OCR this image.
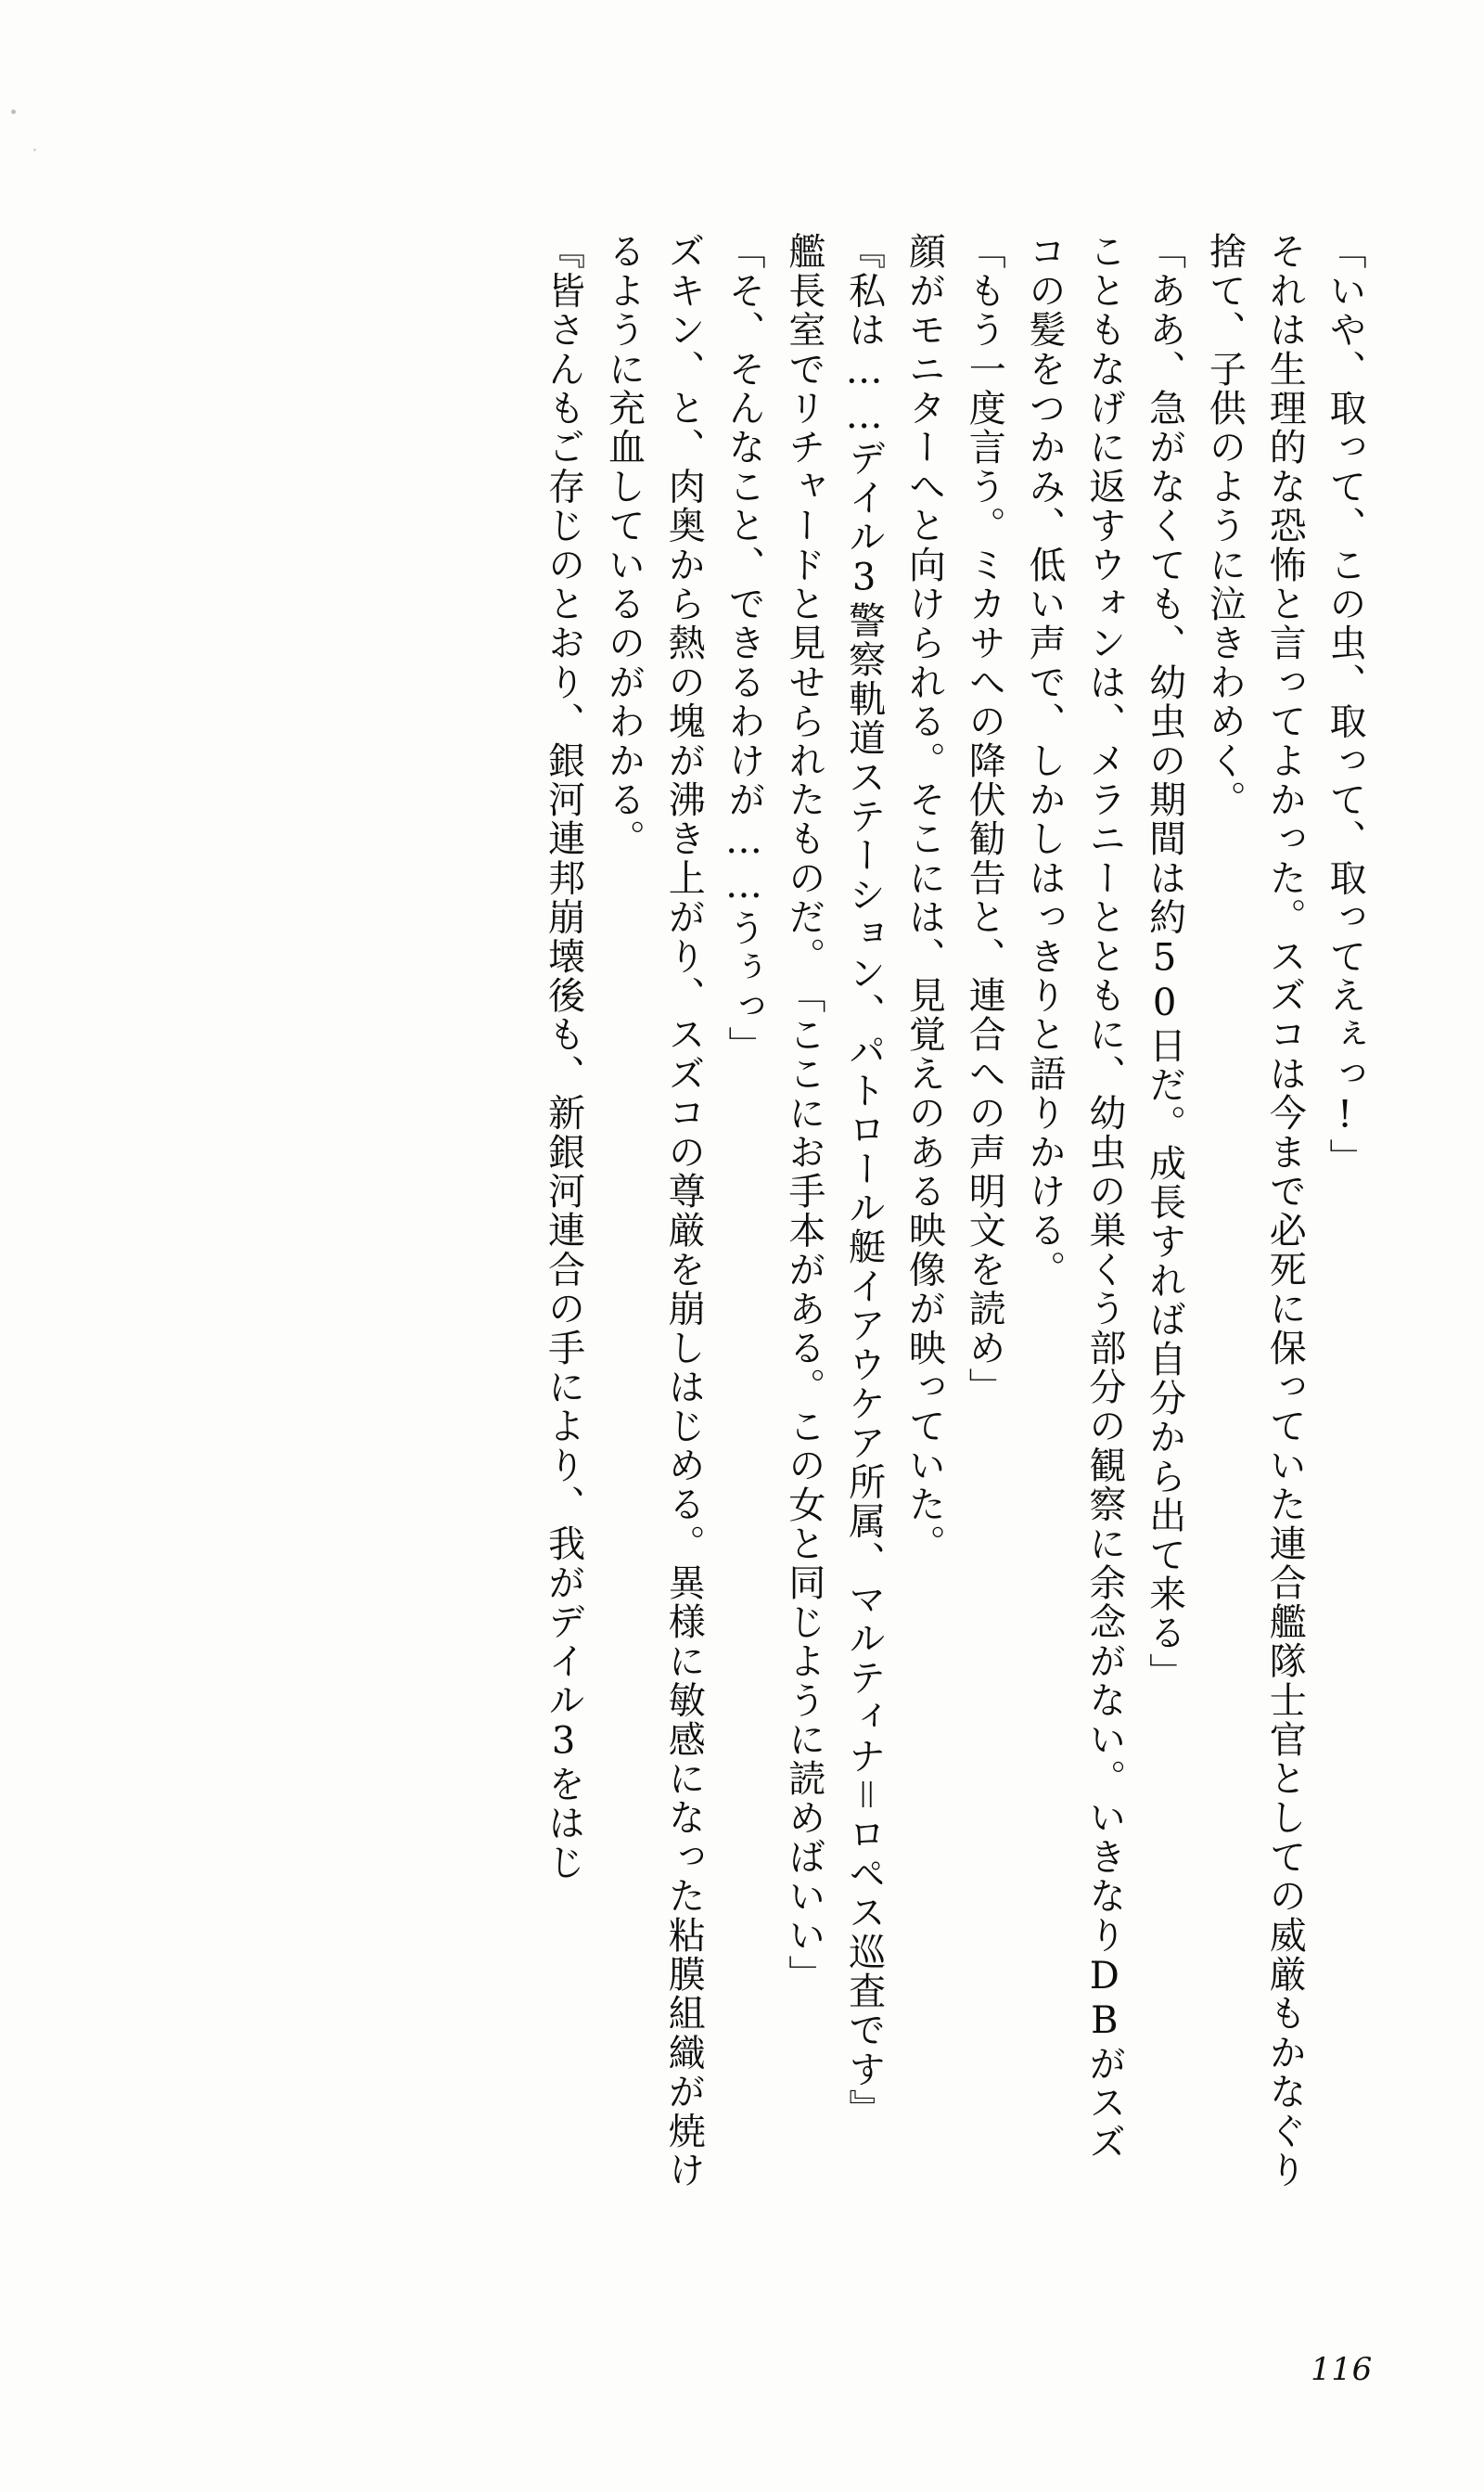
「いや、取って、この虫、取って、取ってえぇっ!」

それは生理的な恐怖と言ってよかった。スズコは今まで必死に保っていた連合艦隊士官としての威厳もかなぐり捨て、子供のように泣きわめく。

「ああ、急がなくても、幼虫の期間は約50日だ。成長すれば自分から出て来る」

こともなげに返すウォンは、メラニーとともに、幼虫の巣くう部分の観察に余念がない。いきなりDBがスズコの髪をつかみ、低い声で、しかしはっきりと語りかける。

「もう一度言う。ミカサへの降伏勧告と、連合への声明文を読め」

顔がモニターへと向けられる。そこには、見覚えのある映像が映っていた。

『私は……デイル3警察軌道ステーション、パトロール艇イアウケア所属、マルティナ＝ロペス巡査です』

艦長室でリチャードと見せられたものだ。

「ここにお手本がある。この女と同じように読めばいい」

「そ、そんなこと、できるわけが……うぅっ」

ズキン、と、肉奥から熱の塊が沸き上がり、スズコの尊厳を崩しはじめる。異様に敏感になった粘膜組織が焼けるように充血しているのがわかる。

『皆さんもご存じのとおり、銀河連邦崩壊後も、新銀河連合の手により、我がデイル3をはじ

116
